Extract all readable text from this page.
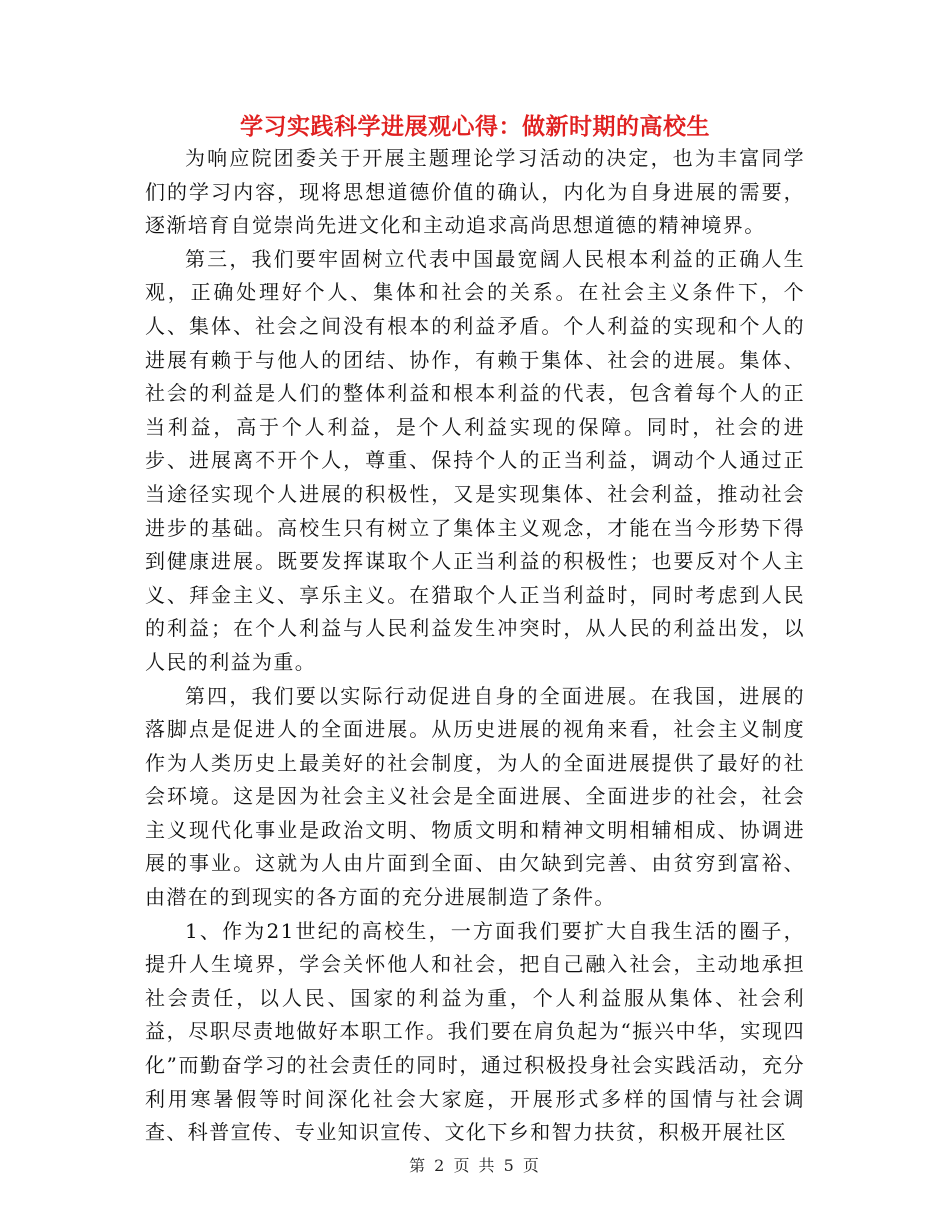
学习实践科学进展观心得：做新时期的高校生

为响应院团委关于开展主题理论学习活动的决定，也为丰富同学们的学习内容，现将思想道德价值的确认，内化为自身进展的需要，逐渐培育自觉崇尚先进文化和主动追求高尚思想道德的精神境界。

第三，我们要牢固树立代表中国最宽阔人民根本利益的正确人生观，正确处理好个人、集体和社会的关系。在社会主义条件下，个人、集体、社会之间没有根本的利益矛盾。个人利益的实现和个人的进展有赖于与他人的团结、协作，有赖于集体、社会的进展。集体、社会的利益是人们的整体利益和根本利益的代表，包含着每个人的正当利益，高于个人利益，是个人利益实现的保障。同时，社会的进步、进展离不开个人，尊重、保持个人的正当利益，调动个人通过正当途径实现个人进展的积极性，又是实现集体、社会利益，推动社会进步的基础。高校生只有树立了集体主义观念，才能在当今形势下得到健康进展。既要发挥谋取个人正当利益的积极性；也要反对个人主义、拜金主义、享乐主义。在猎取个人正当利益时，同时考虑到人民的利益；在个人利益与人民利益发生冲突时，从人民的利益出发，以人民的利益为重。

第四，我们要以实际行动促进自身的全面进展。在我国，进展的落脚点是促进人的全面进展。从历史进展的视角来看，社会主义制度作为人类历史上最美好的社会制度，为人的全面进展提供了最好的社会环境。这是因为社会主义社会是全面进展、全面进步的社会，社会主义现代化事业是政治文明、物质文明和精神文明相辅相成、协调进展的事业。这就为人由片面到全面、由欠缺到完善、由贫穷到富裕、由潜在的到现实的各方面的充分进展制造了条件。

1、作为21世纪的高校生，一方面我们要扩大自我生活的圈子，提升人生境界，学会关怀他人和社会，把自己融入社会，主动地承担社会责任，以人民、国家的利益为重，个人利益服从集体、社会利益，尽职尽责地做好本职工作。我们要在肩负起为“振兴中华，实现四化”而勤奋学习的社会责任的同时，通过积极投身社会实践活动，充分利用寒暑假等时间深化社会大家庭，开展形式多样的国情与社会调查、科普宣传、专业知识宣传、文化下乡和智力扶贫，积极开展社区

第 2 页 共 5 页
